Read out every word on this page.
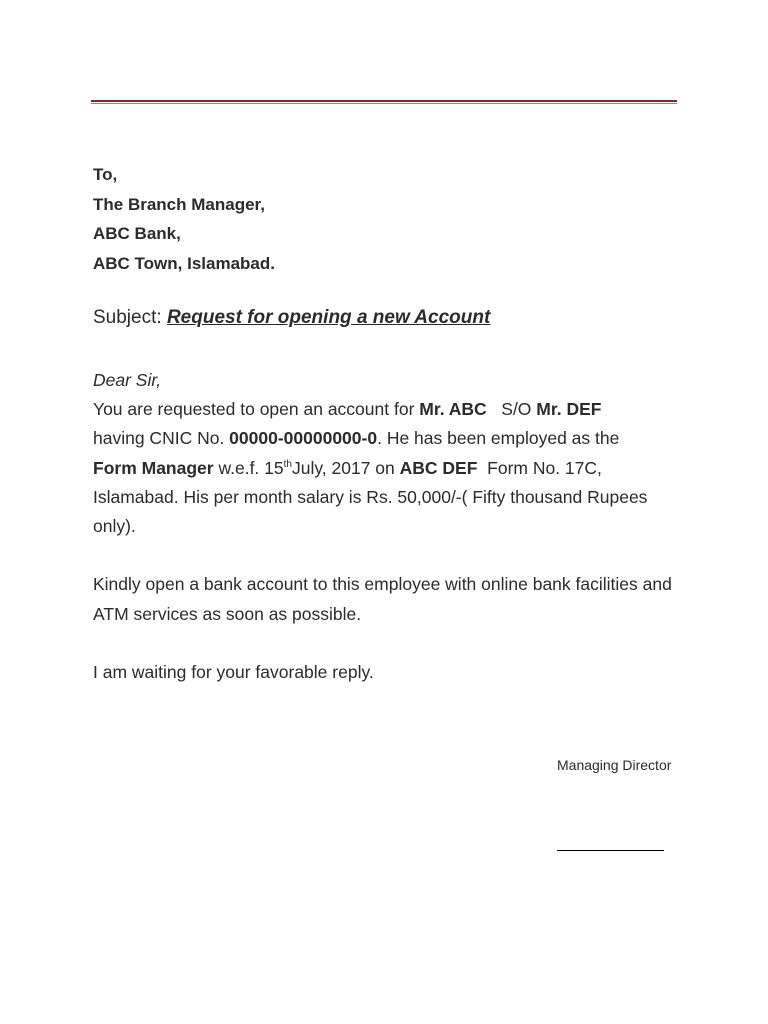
To,
The Branch Manager,
ABC Bank,
ABC Town, Islamabad.
Subject: Request for opening a new Account

Dear Sir,

You are requested to open an account for Mr. ABC   S/O Mr. DEF
having CNIC No. 00000-00000000-0. He has been employed as the
Form Manager w.e.f. 15thJuly, 2017 on ABC DEF  Form No. 17C,
Islamabad. His per month salary is Rs. 50,000/-( Fifty thousand Rupees only).

Kindly open a bank account to this employee with online bank facilities and ATM services as soon as possible.

I am waiting for your favorable reply.

Managing Director
